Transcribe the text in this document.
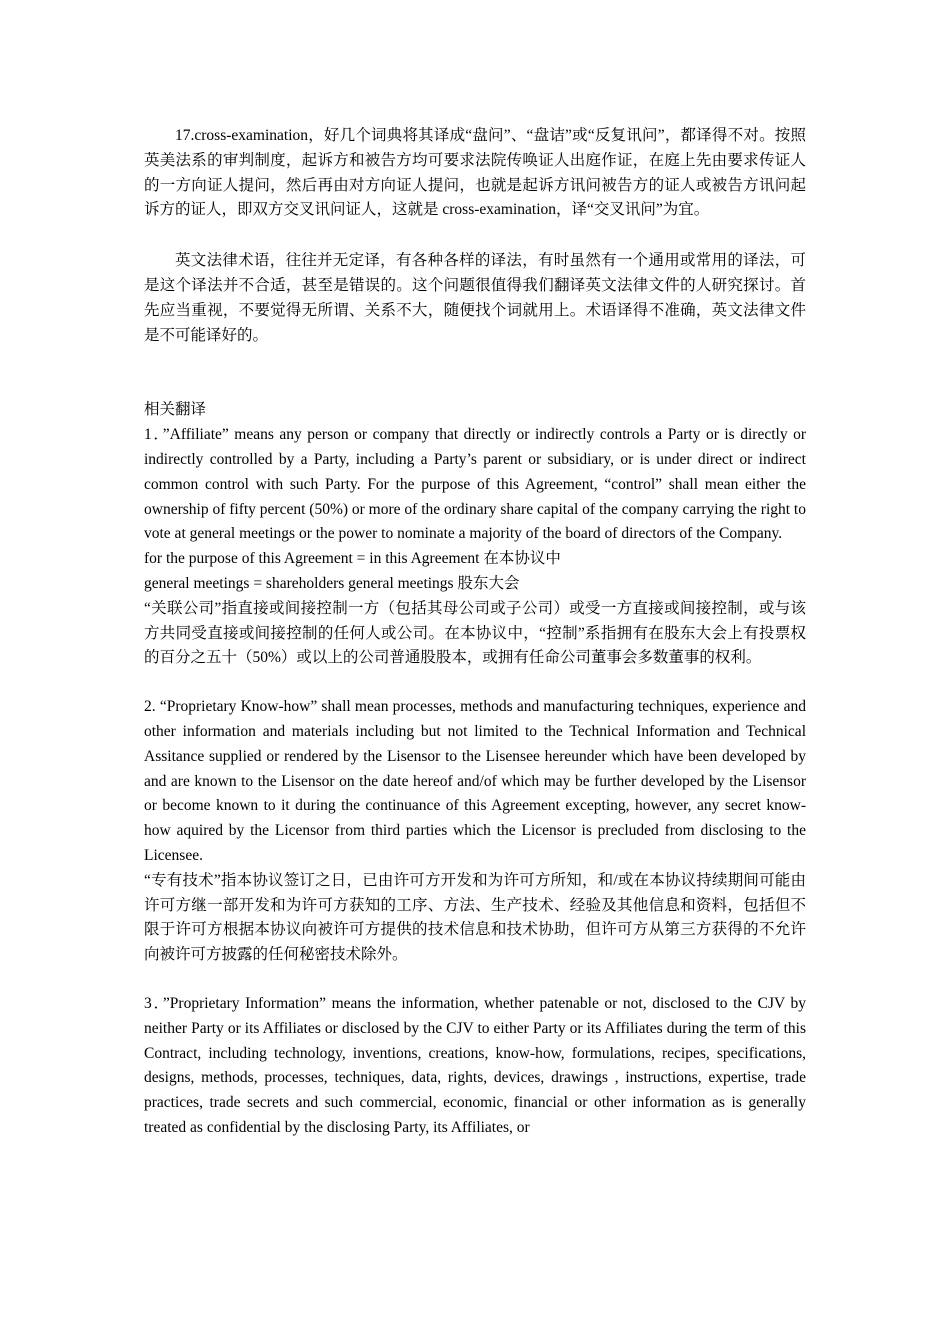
17.cross-examination，好几个词典将其译成“盘问”、“盘诘”或“反复讯问”，都译得不对。按照英美法系的审判制度，起诉方和被告方均可要求法院传唤证人出庭作证，在庭上先由要求传证人的一方向证人提问，然后再由对方向证人提问，也就是起诉方讯问被告方的证人或被告方讯问起诉方的证人，即双方交叉讯问证人，这就是 cross-examination，译“交叉讯问”为宜。

英文法律术语，往往并无定译，有各种各样的译法，有时虽然有一个通用或常用的译法，可是这个译法并不合适，甚至是错误的。这个问题很值得我们翻译英文法律文件的人研究探讨。首先应当重视，不要觉得无所谓、关系不大，随便找个词就用上。术语译得不准确，英文法律文件是不可能译好的。

相关翻译

1．”Affiliate” means any person or company that directly or indirectly controls a Party or is directly or indirectly controlled by a Party, including a Party’s parent or subsidiary, or is under direct or indirect common control with such Party. For the purpose of this Agreement, “control” shall mean either the ownership of fifty percent (50%) or more of the ordinary share capital of the company carrying the right to vote at general meetings or the power to nominate a majority of the board of directors of the Company.

for the purpose of this Agreement = in this Agreement 在本协议中

general meetings = shareholders general meetings 股东大会

“关联公司”指直接或间接控制一方（包括其母公司或子公司）或受一方直接或间接控制，或与该方共同受直接或间接控制的任何人或公司。在本协议中，“控制”系指拥有在股东大会上有投票权的百分之五十（50%）或以上的公司普通股股本，或拥有任命公司董事会多数董事的权利。

2. “Proprietary Know-how” shall mean processes, methods and manufacturing techniques, experience and other information and materials including but not limited to the Technical Information and Technical Assitance supplied or rendered by the Lisensor to the Lisensee hereunder which have been developed by and are known to the Lisensor on the date hereof and/of which may be further developed by the Lisensor or become known to it during the continuance of this Agreement excepting, however, any secret know-how aquired by the Licensor from third parties which the Licensor is precluded from disclosing to the Licensee.

“专有技术”指本协议签订之日，已由许可方开发和为许可方所知，和/或在本协议持续期间可能由许可方继一部开发和为许可方获知的工序、方法、生产技术、经验及其他信息和资料，包括但不限于许可方根据本协议向被许可方提供的技术信息和技术协助，但许可方从第三方获得的不允许向被许可方披露的任何秘密技术除外。

3．”Proprietary Information” means the information, whether patenable or not, disclosed to the CJV by neither Party or its Affiliates or disclosed by the CJV to either Party or its Affiliates during the term of this Contract, including technology, inventions, creations, know-how, formulations, recipes, specifications, designs, methods, processes, techniques, data, rights, devices, drawings , instructions, expertise, trade practices, trade secrets and such commercial, economic, financial or other information as is generally treated as confidential by the disclosing Party, its Affiliates, or
